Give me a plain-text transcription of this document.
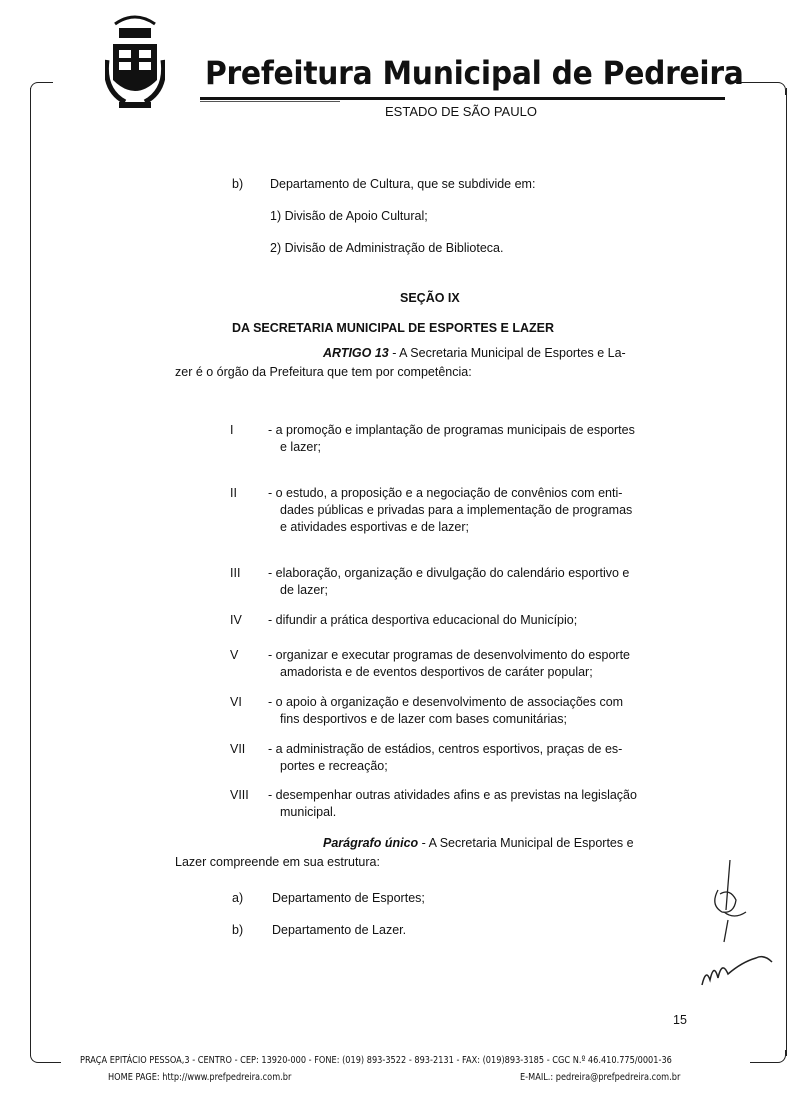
Prefeitura Municipal de Pedreira
ESTADO DE SÃO PAULO
b) Departamento de Cultura, que se subdivide em:
1) Divisão de Apoio Cultural;
2) Divisão de Administração de Biblioteca.
SEÇÃO IX
DA SECRETARIA MUNICIPAL DE ESPORTES E LAZER
ARTIGO 13 - A Secretaria Municipal de Esportes e La-
zer é o órgão da Prefeitura que tem por competência:
I	- a promoção e implantação de programas municipais de esportes
e lazer;
II - o estudo, a proposição e a negociação de convênios com enti-
dades públicas e privadas para a implementação de programas
e atividades esportivas e de lazer;
III - elaboração, organização e divulgação do calendário esportivo e
de lazer;
IV - difundir a prática desportiva educacional do Município;
V - organizar e executar programas de desenvolvimento do esporte
amadorista e de eventos desportivos de caráter popular;
VI - o apoio à organização e desenvolvimento de associações com
fins desportivos e de lazer com bases comunitárias;
VII - a administração de estádios, centros esportivos, praças de es-
portes e recreação;
VIII - desempenhar outras atividades afins e as previstas na legislação
municipal.
Parágrafo único - A Secretaria Municipal de Esportes e
Lazer compreende em sua estrutura:
a) Departamento de Esportes;
b) Departamento de Lazer.
15
PRAÇA EPITÁCIO PESSOA,3 - CENTRO - CEP: 13920-000 - FONE: (019) 893-3522 - 893-2131 - FAX: (019)893-3185 - CGC N.º 46.410.775/0001-36
HOME PAGE: http://www.prefpedreira.com.br	E-MAIL.: pedreira@prefpedreira.com.br
